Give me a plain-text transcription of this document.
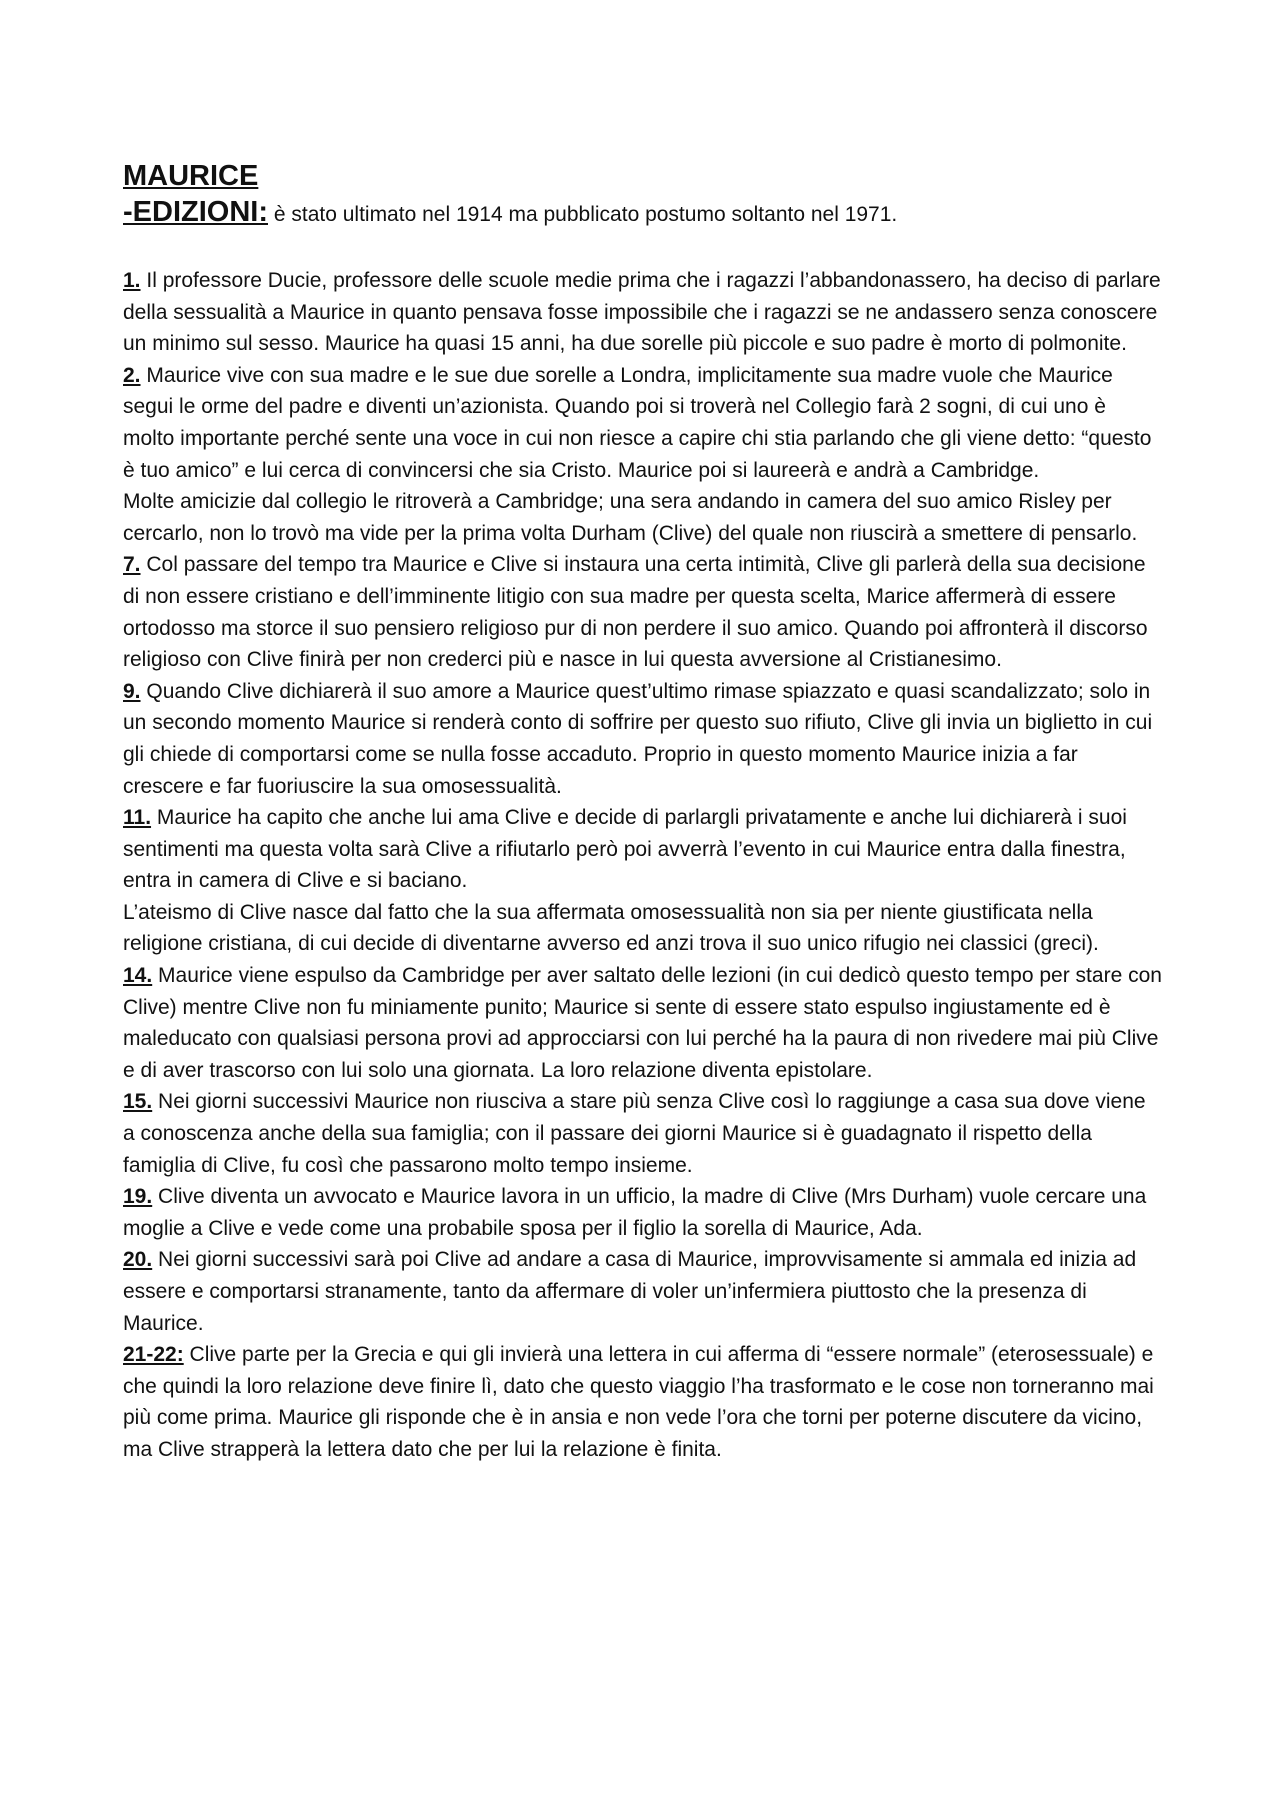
MAURICE

-EDIZIONI: è stato ultimato nel 1914 ma pubblicato postumo soltanto nel 1971.

1. Il professore Ducie, professore delle scuole medie prima che i ragazzi l’abbandonassero, ha deciso di parlare della sessualità a Maurice in quanto pensava fosse impossibile che i ragazzi se ne andassero senza conoscere un minimo sul sesso. Maurice ha quasi 15 anni, ha due sorelle più piccole e suo padre è morto di polmonite.

2. Maurice vive con sua madre e le sue due sorelle a Londra, implicitamente sua madre vuole che Maurice segui le orme del padre e diventi un’azionista. Quando poi si troverà nel Collegio farà 2 sogni, di cui uno è molto importante perché sente una voce in cui non riesce a capire chi stia parlando che gli viene detto: “questo è tuo amico” e lui cerca di convincersi che sia Cristo. Maurice poi si laureerà e andrà a Cambridge.

Molte amicizie dal collegio le ritroverà a Cambridge; una sera andando in camera del suo amico Risley per cercarlo, non lo trovò ma vide per la prima volta Durham (Clive) del quale non riuscirà a smettere di pensarlo.

7. Col passare del tempo tra Maurice e Clive si instaura una certa intimità, Clive gli parlerà della sua decisione di non essere cristiano e dell’imminente litigio con sua madre per questa scelta, Marice affermerà di essere ortodosso ma storce il suo pensiero religioso pur di non perdere il suo amico. Quando poi affronterà il discorso religioso con Clive finirà per non crederci più e nasce in lui questa avversione al Cristianesimo.

9. Quando Clive dichiarerà il suo amore a Maurice quest’ultimo rimase spiazzato e quasi scandalizzato; solo in un secondo momento Maurice si renderà conto di soffrire per questo suo rifiuto, Clive gli invia un biglietto in cui gli chiede di comportarsi come se nulla fosse accaduto. Proprio in questo momento Maurice inizia a far crescere e far fuoriuscire la sua omosessualità.

11. Maurice ha capito che anche lui ama Clive e decide di parlargli privatamente e anche lui dichiarerà i suoi sentimenti ma questa volta sarà Clive a rifiutarlo però poi avverrà l’evento in cui Maurice entra dalla finestra, entra in camera di Clive e si baciano.

L’ateismo di Clive nasce dal fatto che la sua affermata omosessualità non sia per niente giustificata nella religione cristiana, di cui decide di diventarne avverso ed anzi trova il suo unico rifugio nei classici (greci).

14. Maurice viene espulso da Cambridge per aver saltato delle lezioni (in cui dedicò questo tempo per stare con Clive) mentre Clive non fu miniamente punito; Maurice si sente di essere stato espulso ingiustamente ed è maleducato con qualsiasi persona provi ad approcciarsi con lui perché ha la paura di non rivedere mai più Clive e di aver trascorso con lui solo una giornata. La loro relazione diventa epistolare.

15. Nei giorni successivi Maurice non riusciva a stare più senza Clive così lo raggiunge a casa sua dove viene a conoscenza anche della sua famiglia; con il passare dei giorni Maurice si è guadagnato il rispetto della famiglia di Clive, fu così che passarono molto tempo insieme.

19. Clive diventa un avvocato e Maurice lavora in un ufficio, la madre di Clive (Mrs Durham) vuole cercare una moglie a Clive e vede come una probabile sposa per il figlio la sorella di Maurice, Ada.

20. Nei giorni successivi sarà poi Clive ad andare a casa di Maurice, improvvisamente si ammala ed inizia ad essere e comportarsi stranamente, tanto da affermare di voler un’infermiera piuttosto che la presenza di Maurice.

21-22: Clive parte per la Grecia e qui gli invierà una lettera in cui afferma di “essere normale” (eterosessuale) e che quindi la loro relazione deve finire lì, dato che questo viaggio l’ha trasformato e le cose non torneranno mai più come prima. Maurice gli risponde che è in ansia e non vede l’ora che torni per poterne discutere da vicino, ma Clive strapperà la lettera dato che per lui la relazione è finita.
